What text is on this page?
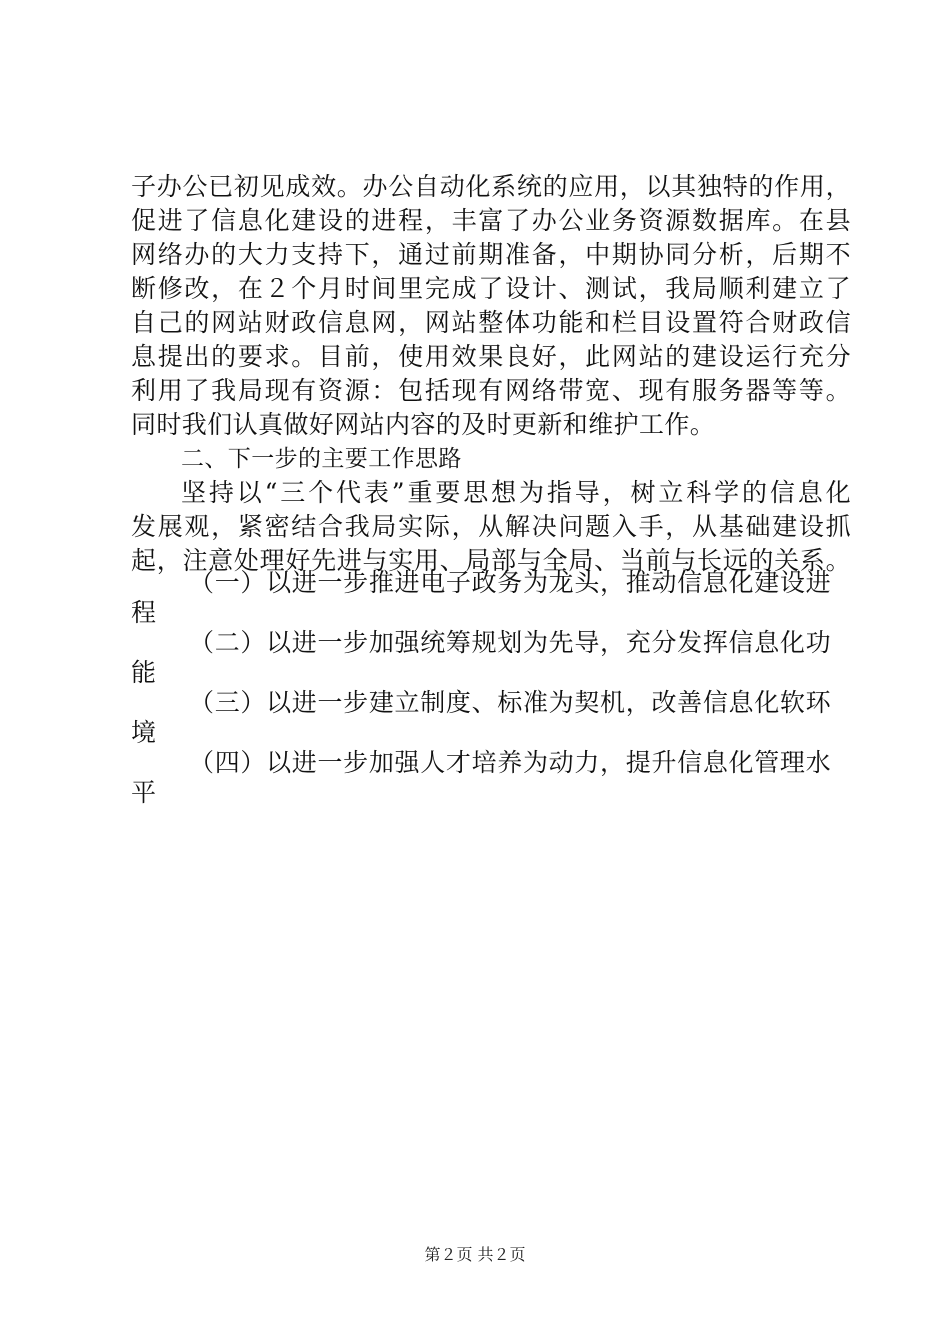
子办公已初见成效。办公自动化系统的应用，以其独特的作用，
促进了信息化建设的进程，丰富了办公业务资源数据库。在县
网络办的大力支持下，通过前期准备，中期协同分析，后期不
断修改，在２个月时间里完成了设计、测试，我局顺利建立了
自己的网站财政信息网，网站整体功能和栏目设置符合财政信
息提出的要求。目前，使用效果良好，此网站的建设运行充分
利用了我局现有资源：包括现有网络带宽、现有服务器等等。
同时我们认真做好网站内容的及时更新和维护工作。
二、下一步的主要工作思路
坚持以“三个代表”重要思想为指导，树立科学的信息化
发展观，紧密结合我局实际，从解决问题入手，从基础建设抓
起，注意处理好先进与实用、局部与全局、当前与长远的关系。
（一）以进一步推进电子政务为龙头，推动信息化建设进
程
（二）以进一步加强统筹规划为先导，充分发挥信息化功
能
（三）以进一步建立制度、标准为契机，改善信息化软环
境
（四）以进一步加强人才培养为动力，提升信息化管理水
平
第２页 共２页
